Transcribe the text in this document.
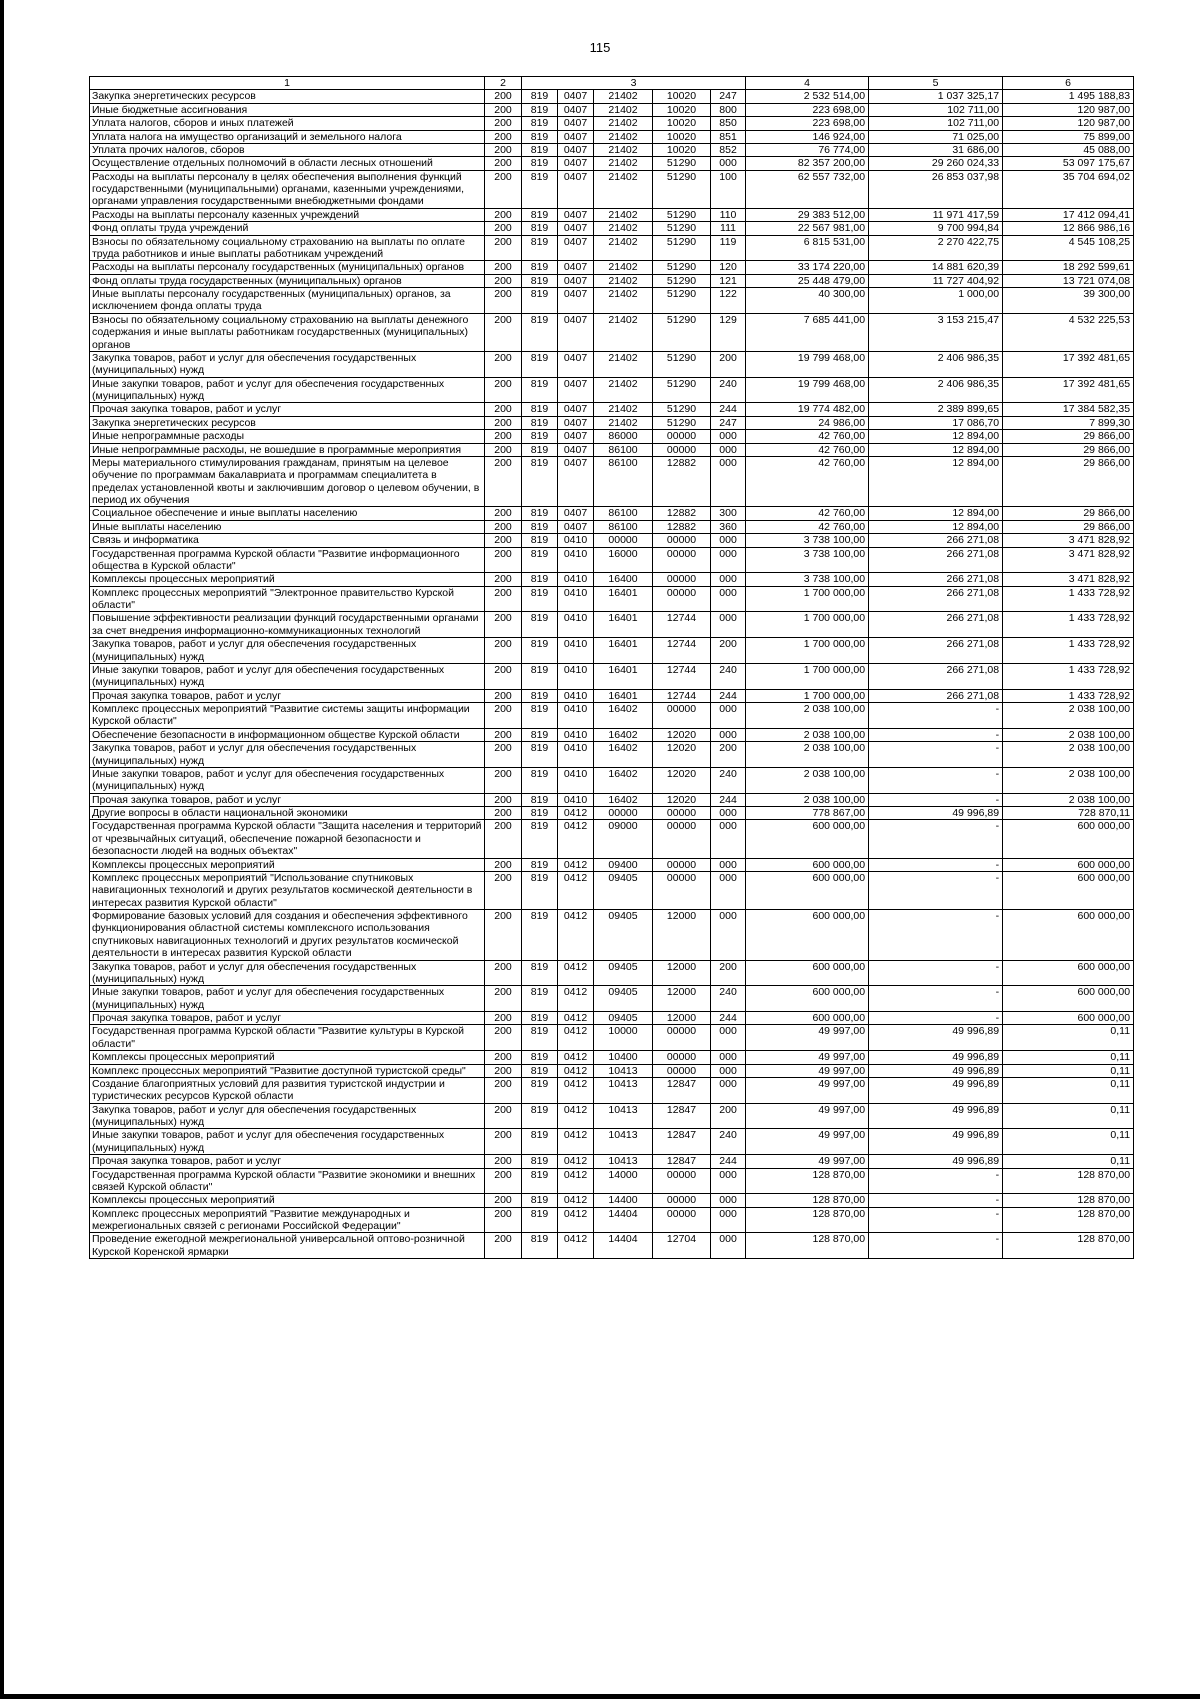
115
1	2	3					4	5	6
Закупка энергетических ресурсов	200	819	0407	21402	10020	247	2 532 514,00	1 037 325,17	1 495 188,83
Иные бюджетные ассигнования	200	819	0407	21402	10020	800	223 698,00	102 711,00	120 987,00
Уплата налогов, сборов и иных платежей	200	819	0407	21402	10020	850	223 698,00	102 711,00	120 987,00
Уплата налога на имущество организаций и земельного налога	200	819	0407	21402	10020	851	146 924,00	71 025,00	75 899,00
Уплата прочих налогов, сборов	200	819	0407	21402	10020	852	76 774,00	31 686,00	45 088,00
Осуществление отдельных полномочий в области лесных отношений	200	819	0407	21402	51290	000	82 357 200,00	29 260 024,33	53 097 175,67
Расходы на выплаты персоналу в целях обеспечения выполнения функций государственными (муниципальными) органами, казенными учреждениями, органами управления государственными внебюджетными фондами	200	819	0407	21402	51290	100	62 557 732,00	26 853 037,98	35 704 694,02
Расходы на выплаты персоналу казенных учреждений	200	819	0407	21402	51290	110	29 383 512,00	11 971 417,59	17 412 094,41
Фонд оплаты труда учреждений	200	819	0407	21402	51290	111	22 567 981,00	9 700 994,84	12 866 986,16
Взносы по обязательному социальному страхованию на выплаты по оплате труда работников и иные выплаты работникам учреждений	200	819	0407	21402	51290	119	6 815 531,00	2 270 422,75	4 545 108,25
Расходы на выплаты персоналу государственных (муниципальных) органов	200	819	0407	21402	51290	120	33 174 220,00	14 881 620,39	18 292 599,61
Фонд оплаты труда государственных (муниципальных) органов	200	819	0407	21402	51290	121	25 448 479,00	11 727 404,92	13 721 074,08
Иные выплаты персоналу государственных (муниципальных) органов, за исключением фонда оплаты труда	200	819	0407	21402	51290	122	40 300,00	1 000,00	39 300,00
Взносы по обязательному социальному страхованию на выплаты денежного содержания и иные выплаты работникам государственных (муниципальных) органов	200	819	0407	21402	51290	129	7 685 441,00	3 153 215,47	4 532 225,53
Закупка товаров, работ и услуг для обеспечения государственных (муниципальных) нужд	200	819	0407	21402	51290	200	19 799 468,00	2 406 986,35	17 392 481,65
Иные закупки товаров, работ и услуг для обеспечения государственных (муниципальных) нужд	200	819	0407	21402	51290	240	19 799 468,00	2 406 986,35	17 392 481,65
Прочая закупка товаров, работ и услуг	200	819	0407	21402	51290	244	19 774 482,00	2 389 899,65	17 384 582,35
Закупка энергетических ресурсов	200	819	0407	21402	51290	247	24 986,00	17 086,70	7 899,30
Иные непрограммные расходы	200	819	0407	86000	00000	000	42 760,00	12 894,00	29 866,00
Иные непрограммные расходы, не вошедшие в программные мероприятия	200	819	0407	86100	00000	000	42 760,00	12 894,00	29 866,00
Меры материального стимулирования гражданам, принятым на целевое обучение по программам бакалавриата и программам специалитета в пределах установленной квоты и заключившим договор о целевом обучении, в период их обучения	200	819	0407	86100	12882	000	42 760,00	12 894,00	29 866,00
Социальное обеспечение и иные выплаты населению	200	819	0407	86100	12882	300	42 760,00	12 894,00	29 866,00
Иные выплаты населению	200	819	0407	86100	12882	360	42 760,00	12 894,00	29 866,00
Связь и информатика	200	819	0410	00000	00000	000	3 738 100,00	266 271,08	3 471 828,92
Государственная программа Курской области "Развитие информационного общества в Курской области"	200	819	0410	16000	00000	000	3 738 100,00	266 271,08	3 471 828,92
Комплексы процессных мероприятий	200	819	0410	16400	00000	000	3 738 100,00	266 271,08	3 471 828,92
Комплекс процессных мероприятий "Электронное правительство Курской области"	200	819	0410	16401	00000	000	1 700 000,00	266 271,08	1 433 728,92
Повышение эффективности реализации функций государственными органами за счет внедрения информационно-коммуникационных технологий	200	819	0410	16401	12744	000	1 700 000,00	266 271,08	1 433 728,92
Закупка товаров, работ и услуг для обеспечения государственных (муниципальных) нужд	200	819	0410	16401	12744	200	1 700 000,00	266 271,08	1 433 728,92
Иные закупки товаров, работ и услуг для обеспечения государственных (муниципальных) нужд	200	819	0410	16401	12744	240	1 700 000,00	266 271,08	1 433 728,92
Прочая закупка товаров, работ и услуг	200	819	0410	16401	12744	244	1 700 000,00	266 271,08	1 433 728,92
Комплекс процессных мероприятий "Развитие системы защиты информации Курской области"	200	819	0410	16402	00000	000	2 038 100,00	-	2 038 100,00
Обеспечение безопасности в информационном обществе Курской области	200	819	0410	16402	12020	000	2 038 100,00	-	2 038 100,00
Закупка товаров, работ и услуг для обеспечения государственных (муниципальных) нужд	200	819	0410	16402	12020	200	2 038 100,00	-	2 038 100,00
Иные закупки товаров, работ и услуг для обеспечения государственных (муниципальных) нужд	200	819	0410	16402	12020	240	2 038 100,00	-	2 038 100,00
Прочая закупка товаров, работ и услуг	200	819	0410	16402	12020	244	2 038 100,00	-	2 038 100,00
Другие вопросы в области национальной экономики	200	819	0412	00000	00000	000	778 867,00	49 996,89	728 870,11
Государственная программа Курской области "Защита населения и территорий от чрезвычайных ситуаций, обеспечение пожарной безопасности и безопасности людей на водных объектах"	200	819	0412	09000	00000	000	600 000,00	-	600 000,00
Комплексы процессных мероприятий	200	819	0412	09400	00000	000	600 000,00	-	600 000,00
Комплекс процессных мероприятий "Использование спутниковых навигационных технологий и других результатов космической деятельности в интересах развития Курской области"	200	819	0412	09405	00000	000	600 000,00	-	600 000,00
Формирование базовых условий для создания и обеспечения эффективного функционирования областной системы комплексного использования спутниковых навигационных технологий и других результатов космической деятельности в интересах развития Курской области	200	819	0412	09405	12000	000	600 000,00	-	600 000,00
Закупка товаров, работ и услуг для обеспечения государственных (муниципальных) нужд	200	819	0412	09405	12000	200	600 000,00	-	600 000,00
Иные закупки товаров, работ и услуг для обеспечения государственных (муниципальных) нужд	200	819	0412	09405	12000	240	600 000,00	-	600 000,00
Прочая закупка товаров, работ и услуг	200	819	0412	09405	12000	244	600 000,00	-	600 000,00
Государственная программа Курской области "Развитие культуры в Курской области"	200	819	0412	10000	00000	000	49 997,00	49 996,89	0,11
Комплексы процессных мероприятий	200	819	0412	10400	00000	000	49 997,00	49 996,89	0,11
Комплекс процессных мероприятий "Развитие доступной туристской среды"	200	819	0412	10413	00000	000	49 997,00	49 996,89	0,11
Создание благоприятных условий для развития туристской индустрии и туристических ресурсов Курской области	200	819	0412	10413	12847	000	49 997,00	49 996,89	0,11
Закупка товаров, работ и услуг для обеспечения государственных (муниципальных) нужд	200	819	0412	10413	12847	200	49 997,00	49 996,89	0,11
Иные закупки товаров, работ и услуг для обеспечения государственных (муниципальных) нужд	200	819	0412	10413	12847	240	49 997,00	49 996,89	0,11
Прочая закупка товаров, работ и услуг	200	819	0412	10413	12847	244	49 997,00	49 996,89	0,11
Государственная программа Курской области "Развитие экономики и внешних связей Курской области"	200	819	0412	14000	00000	000	128 870,00	-	128 870,00
Комплексы процессных мероприятий	200	819	0412	14400	00000	000	128 870,00	-	128 870,00
Комплекс процессных мероприятий "Развитие международных и межрегиональных связей с регионами Российской Федерации"	200	819	0412	14404	00000	000	128 870,00	-	128 870,00
Проведение ежегодной межрегиональной универсальной оптово-розничной Курской Коренской ярмарки	200	819	0412	14404	12704	000	128 870,00	-	128 870,00
